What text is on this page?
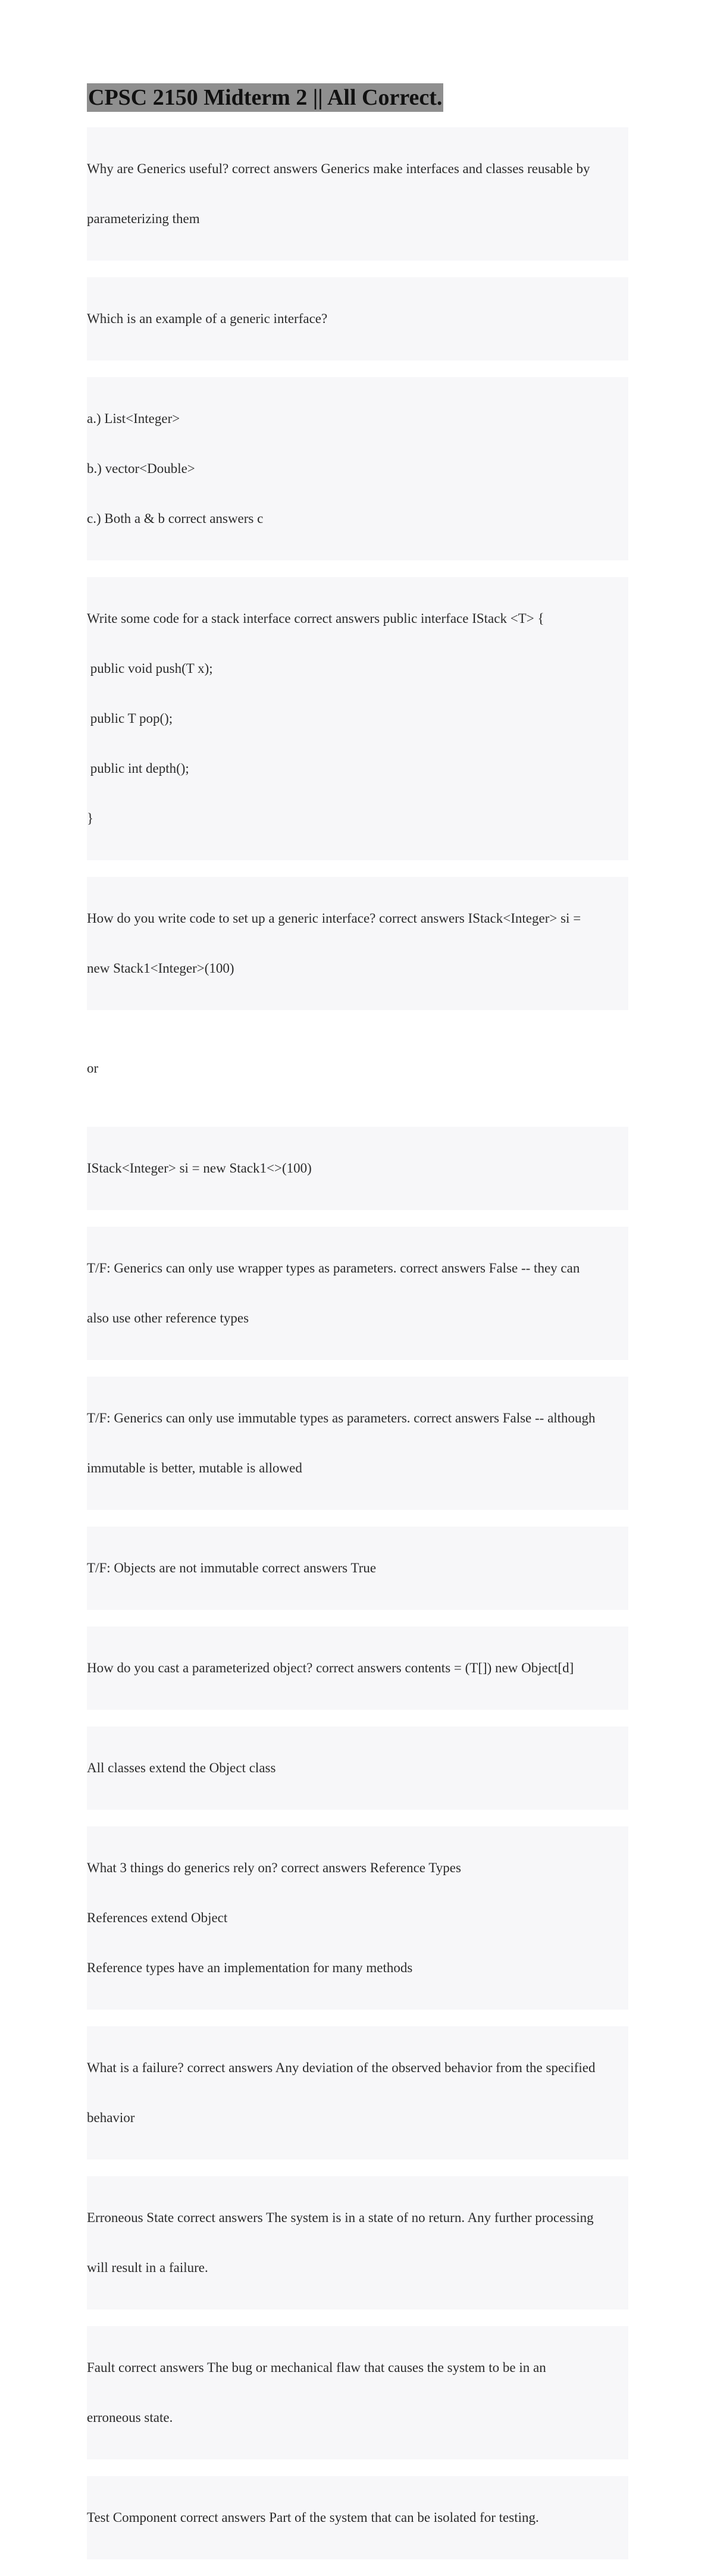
CPSC 2150 Midterm 2 || All Correct.

Why are Generics useful? correct answers Generics make interfaces and classes reusable by

parameterizing them

Which is an example of a generic interface?

a.) List<Integer>

b.) vector<Double>

c.) Both a & b correct answers c

Write some code for a stack interface correct answers public interface IStack <T> {

public void push(T x);

public T pop();

public int depth();

}

How do you write code to set up a generic interface? correct answers IStack<Integer> si =

new Stack1<Integer>(100)

or

IStack<Integer> si = new Stack1<>(100)

T/F: Generics can only use wrapper types as parameters. correct answers False -- they can

also use other reference types

T/F: Generics can only use immutable types as parameters. correct answers False -- although

immutable is better, mutable is allowed

T/F: Objects are not immutable correct answers True

How do you cast a parameterized object? correct answers contents = (T[]) new Object[d]

All classes extend the Object class

What 3 things do generics rely on? correct answers Reference Types

References extend Object

Reference types have an implementation for many methods

What is a failure? correct answers Any deviation of the observed behavior from the specified

behavior

Erroneous State correct answers The system is in a state of no return. Any further processing

will result in a failure.

Fault correct answers The bug or mechanical flaw that causes the system to be in an

erroneous state.

Test Component correct answers Part of the system that can be isolated for testing.
